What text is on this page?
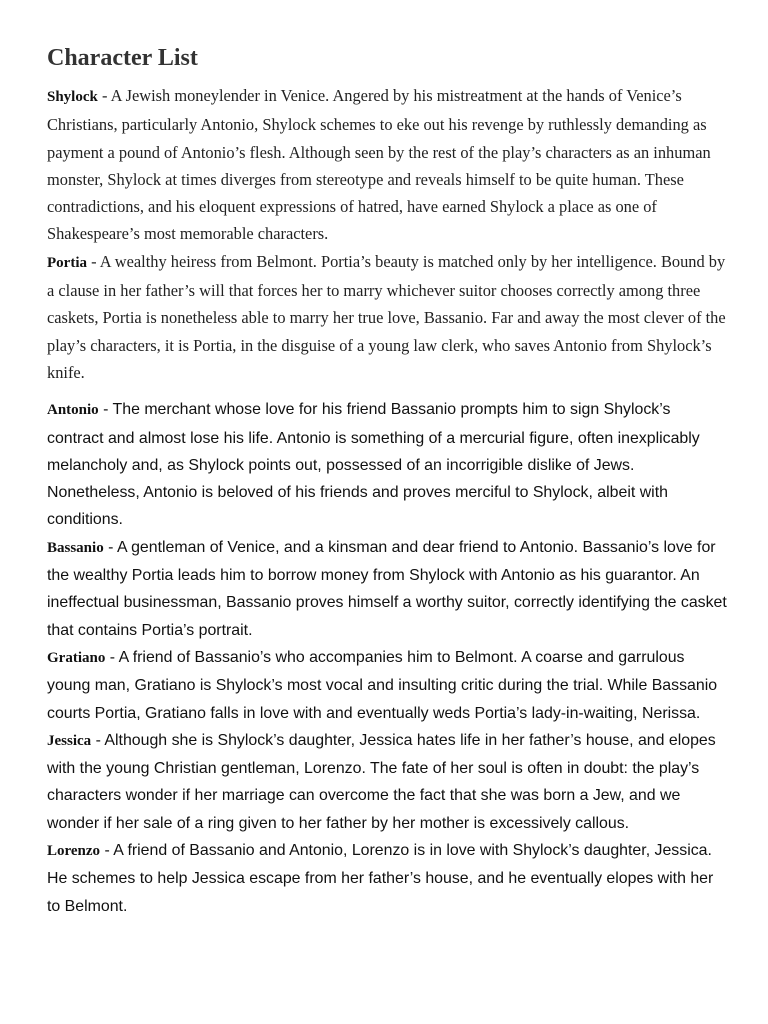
Character List

Shylock - A Jewish moneylender in Venice. Angered by his mistreatment at the hands of Venice’s Christians, particularly Antonio, Shylock schemes to eke out his revenge by ruthlessly demanding as payment a pound of Antonio’s flesh. Although seen by the rest of the play’s characters as an inhuman monster, Shylock at times diverges from stereotype and reveals himself to be quite human. These contradictions, and his eloquent expressions of hatred, have earned Shylock a place as one of Shakespeare’s most memorable characters.

Portia - A wealthy heiress from Belmont. Portia’s beauty is matched only by her intelligence. Bound by a clause in her father’s will that forces her to marry whichever suitor chooses correctly among three caskets, Portia is nonetheless able to marry her true love, Bassanio. Far and away the most clever of the play’s characters, it is Portia, in the disguise of a young law clerk, who saves Antonio from Shylock’s knife.

Antonio - The merchant whose love for his friend Bassanio prompts him to sign Shylock’s contract and almost lose his life. Antonio is something of a mercurial figure, often inexplicably melancholy and, as Shylock points out, possessed of an incorrigible dislike of Jews. Nonetheless, Antonio is beloved of his friends and proves merciful to Shylock, albeit with conditions.

Bassanio - A gentleman of Venice, and a kinsman and dear friend to Antonio. Bassanio’s love for the wealthy Portia leads him to borrow money from Shylock with Antonio as his guarantor. An ineffectual businessman, Bassanio proves himself a worthy suitor, correctly identifying the casket that contains Portia’s portrait.

Gratiano - A friend of Bassanio’s who accompanies him to Belmont. A coarse and garrulous young man, Gratiano is Shylock’s most vocal and insulting critic during the trial. While Bassanio courts Portia, Gratiano falls in love with and eventually weds Portia’s lady-in-waiting, Nerissa.

Jessica - Although she is Shylock’s daughter, Jessica hates life in her father’s house, and elopes with the young Christian gentleman, Lorenzo. The fate of her soul is often in doubt: the play’s characters wonder if her marriage can overcome the fact that she was born a Jew, and we wonder if her sale of a ring given to her father by her mother is excessively callous.

Lorenzo - A friend of Bassanio and Antonio, Lorenzo is in love with Shylock’s daughter, Jessica. He schemes to help Jessica escape from her father’s house, and he eventually elopes with her to Belmont.
